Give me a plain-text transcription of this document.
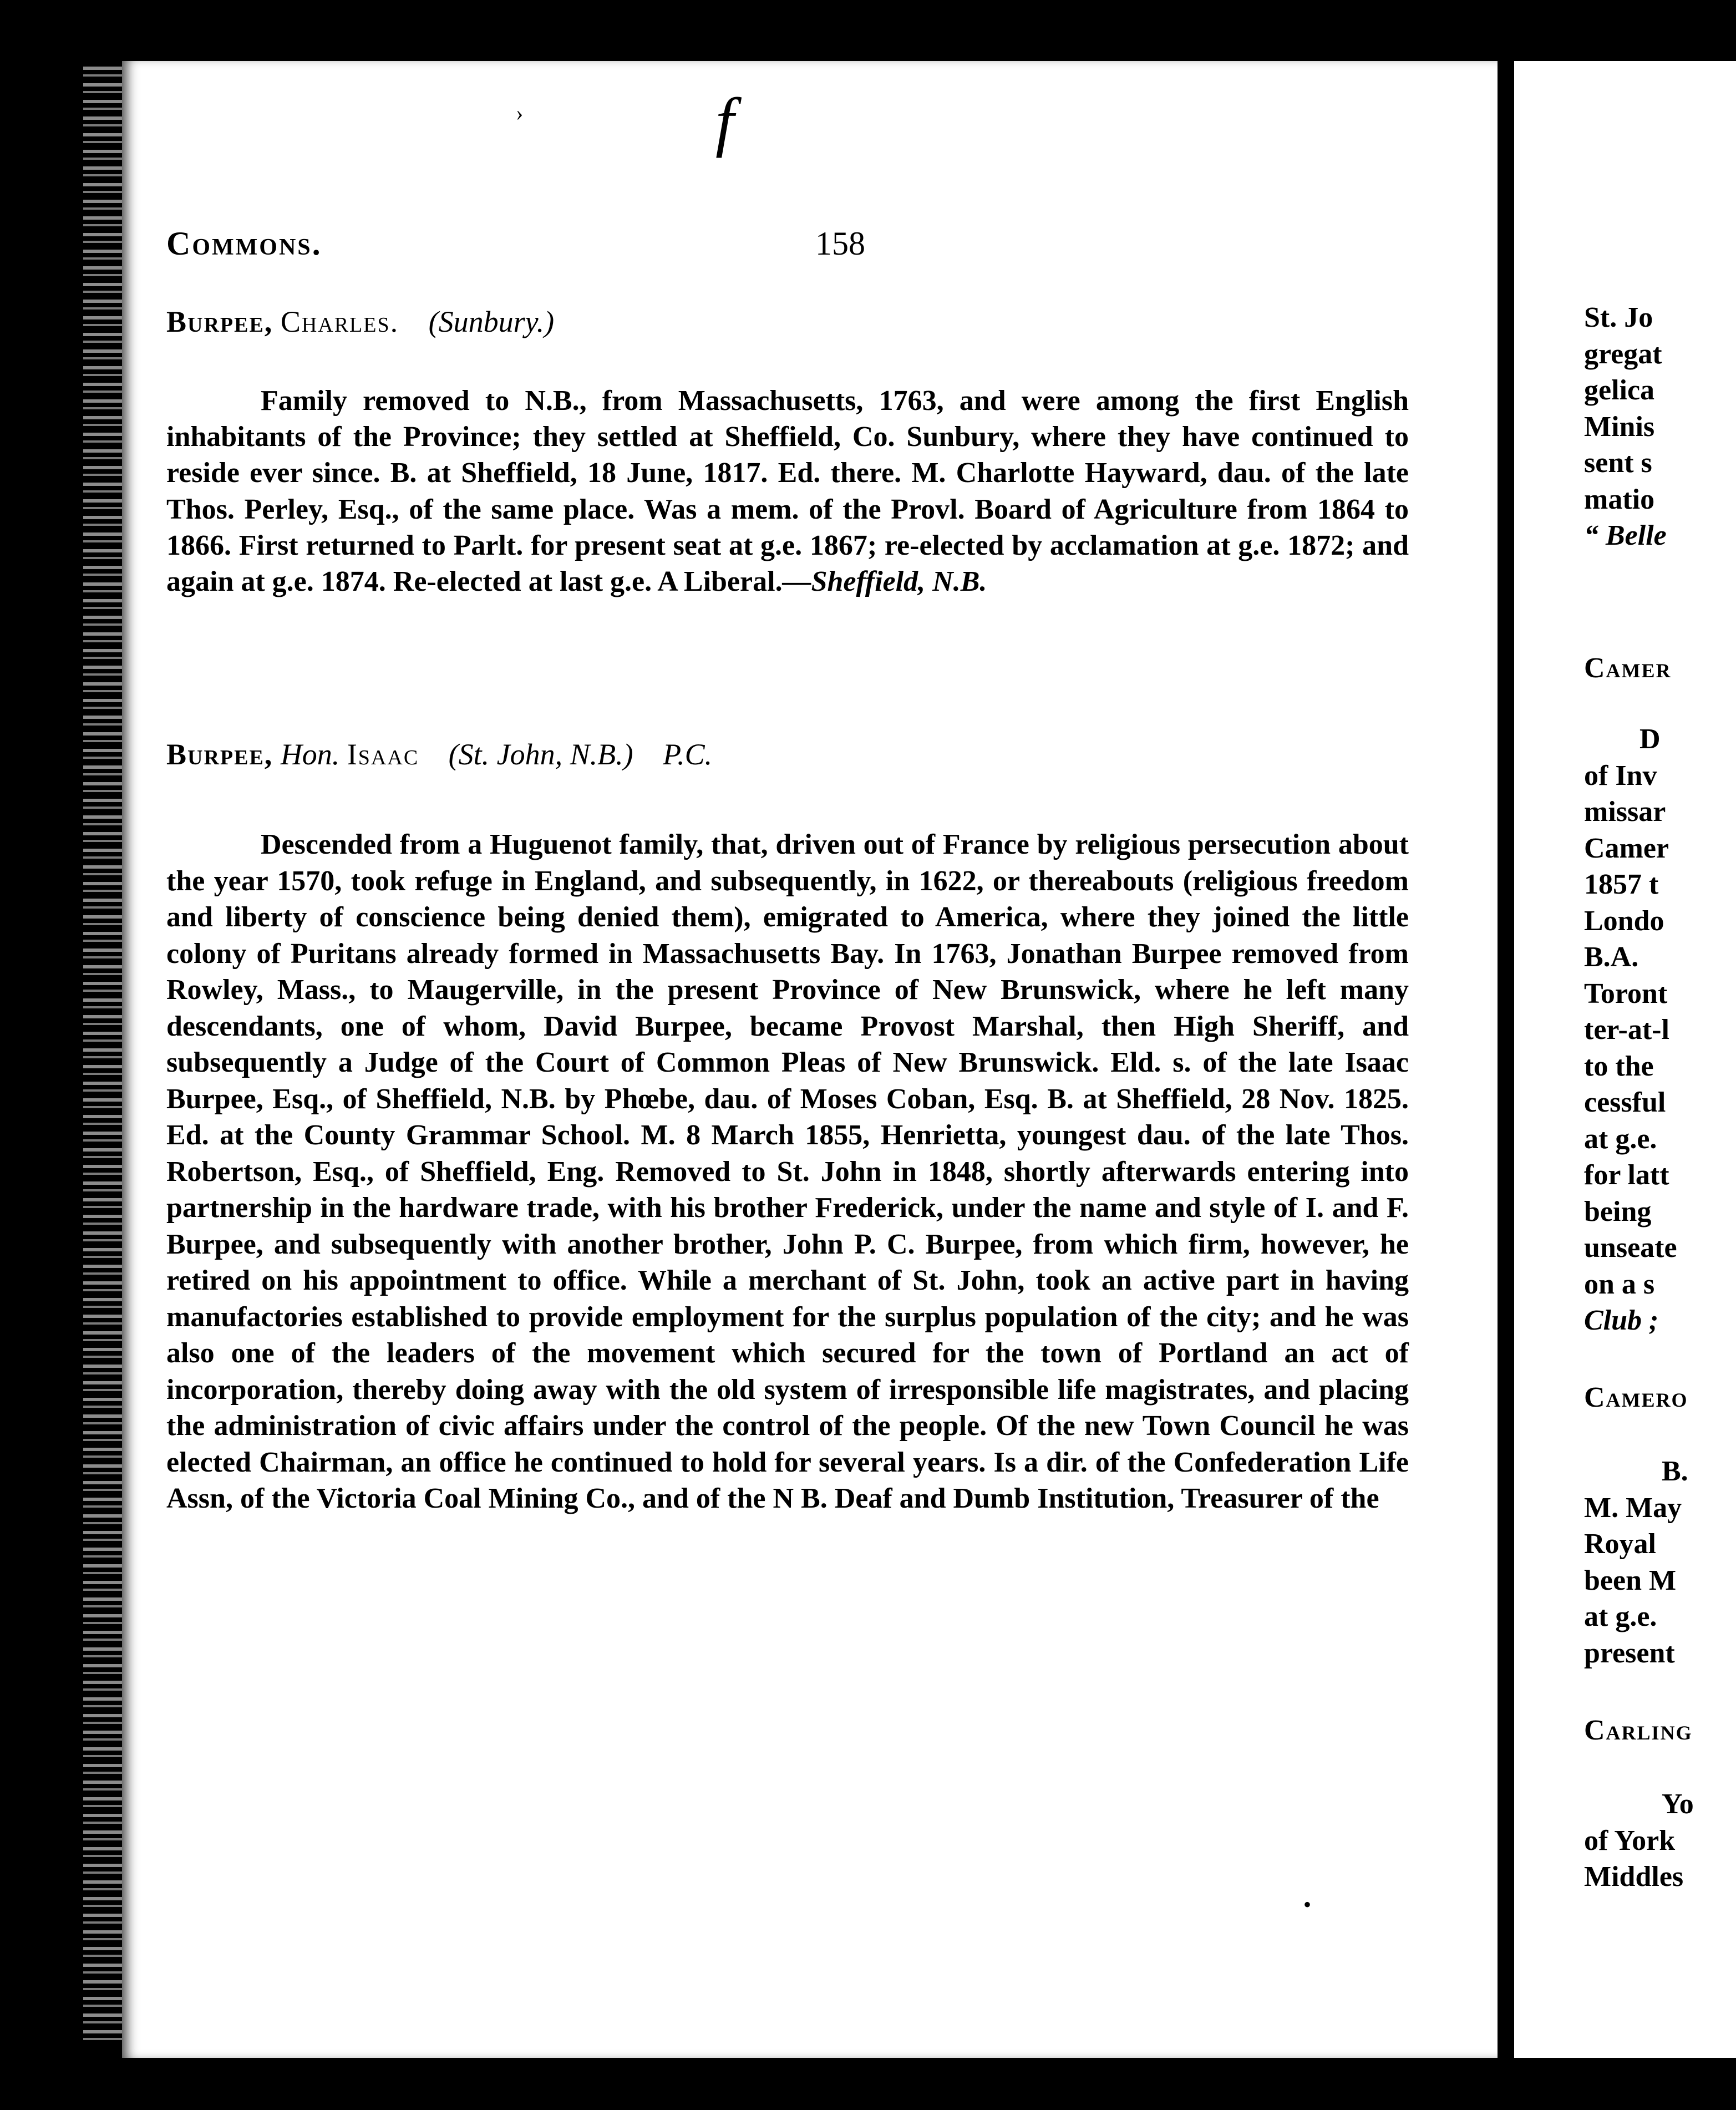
St. Jo
gregat
gelica
Minis
sent s
matio
“ Belle
Camer
D
of Inv
missar
Camer
1857 t
Londo
B.A.
Toront
ter-at-l
to the
cessful
at g.e.
for latt
being
unseate
on a s
Club ;
Camero
B.
M. May
Royal
been M
at g.e.
present
Carling
Yo
of York
Middles
f
›
•
Commons.	158
Burpee, Charles. (Sunbury.)
Family removed to N.B., from Massachusetts, 1763, and were among the first English inhabitants of the Province; they settled at Sheffield, Co. Sunbury, where they have continued to reside ever since. B. at Sheffield, 18 June, 1817. Ed. there. M. Charlotte Hayward, dau. of the late Thos. Perley, Esq., of the same place. Was a mem. of the Provl. Board of Agriculture from 1864 to 1866. First returned to Parlt. for present seat at g.e. 1867; re-elected by acclamation at g.e. 1872; and again at g.e. 1874. Re-elected at last g.e. A Liberal.—Sheffield, N.B.
Burpee, Hon. Isaac (St. John, N.B.) P.C.
Descended from a Huguenot family, that, driven out of France by religious persecution about the year 1570, took refuge in England, and subsequently, in 1622, or thereabouts (religious freedom and liberty of conscience being denied them), emigrated to America, where they joined the little colony of Puritans already formed in Massachusetts Bay. In 1763, Jonathan Burpee removed from Rowley, Mass., to Maugerville, in the present Province of New Brunswick, where he left many descendants, one of whom, David Burpee, became Provost Marshal, then High Sheriff, and subsequently a Judge of the Court of Common Pleas of New Brunswick. Eld. s. of the late Isaac Burpee, Esq., of Sheffield, N.B. by Phœbe, dau. of Moses Coban, Esq. B. at Sheffield, 28 Nov. 1825. Ed. at the County Grammar School. M. 8 March 1855, Henrietta, youngest dau. of the late Thos. Robertson, Esq., of Sheffield, Eng. Removed to St. John in 1848, shortly afterwards entering into partnership in the hardware trade, with his brother Frederick, under the name and style of I. and F. Burpee, and subsequently with another brother, John P. C. Burpee, from which firm, however, he retired on his appointment to office. While a merchant of St. John, took an active part in having manufactories established to provide employment for the surplus population of the city; and he was also one of the leaders of the movement which secured for the town of Portland an act of incorporation, thereby doing away with the old system of irresponsible life magistrates, and placing the administration of civic affairs under the control of the people. Of the new Town Council he was elected Chairman, an office he continued to hold for several years. Is a dir. of the Confederation Life Assn, of the Victoria Coal Mining Co., and of the N B. Deaf and Dumb Institution, Treasurer of the
